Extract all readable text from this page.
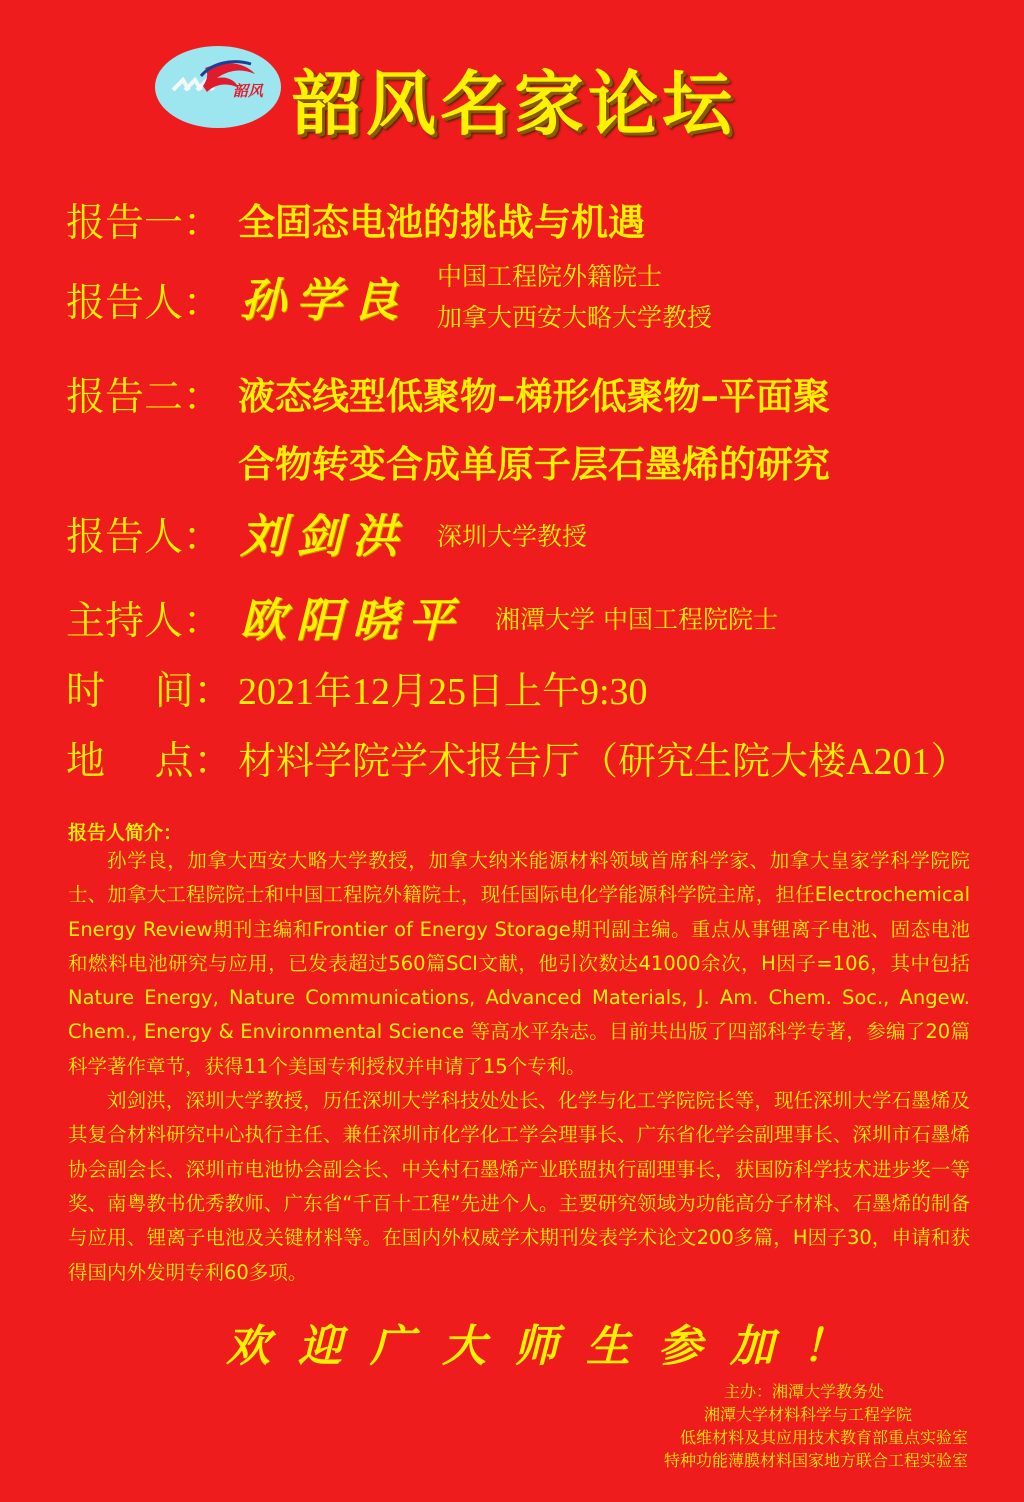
韶风 韶风名家论坛
报告一： 全固态电池的挑战与机遇
报告人： 孙学良 中国工程院外籍院士
加拿大西安大略大学教授
报告二： 液态线型低聚物–梯形低聚物–平面聚
合物转变合成单原子层石墨烯的研究
报告人： 刘剑洪 深圳大学教授
主持人： 欧阳晓平 湘潭大学 中国工程院院士
时    间： 2021年12月25日上午9:30
地    点： 材料学院学术报告厅（研究生院大楼A201）
报告人简介：

孙学良，加拿大西安大略大学教授，加拿大纳米能源材料领域首席科学家、加拿大皇家学科学院院士、加拿大工程院院士和中国工程院外籍院士，现任国际电化学能源科学院主席，担任Electrochemical Energy Review期刊主编和Frontier of Energy Storage期刊副主编。重点从事锂离子电池、固态电池和燃料电池研究与应用，已发表超过560篇SCI文献，他引次数达41000余次，H因子=106，其中包括Nature Energy, Nature Communications, Advanced Materials, J. Am. Chem. Soc., Angew. Chem., Energy & Environmental Science 等高水平杂志。目前共出版了四部科学专著，参编了20篇科学著作章节，获得11个美国专利授权并申请了15个专利。

刘剑洪，深圳大学教授，历任深圳大学科技处处长、化学与化工学院院长等，现任深圳大学石墨烯及其复合材料研究中心执行主任、兼任深圳市化学化工学会理事长、广东省化学会副理事长、深圳市石墨烯协会副会长、深圳市电池协会副会长、中关村石墨烯产业联盟执行副理事长，获国防科学技术进步奖一等奖、南粤教书优秀教师、广东省“千百十工程”先进个人。主要研究领域为功能高分子材料、石墨烯的制备与应用、锂离子电池及关键材料等。在国内外权威学术期刊发表学术论文200多篇，H因子30，申请和获得国内外发明专利60多项。

欢迎广大师生参加！
主办：湘潭大学教务处
湘潭大学材料科学与工程学院
低维材料及其应用技术教育部重点实验室
特种功能薄膜材料国家地方联合工程实验室
